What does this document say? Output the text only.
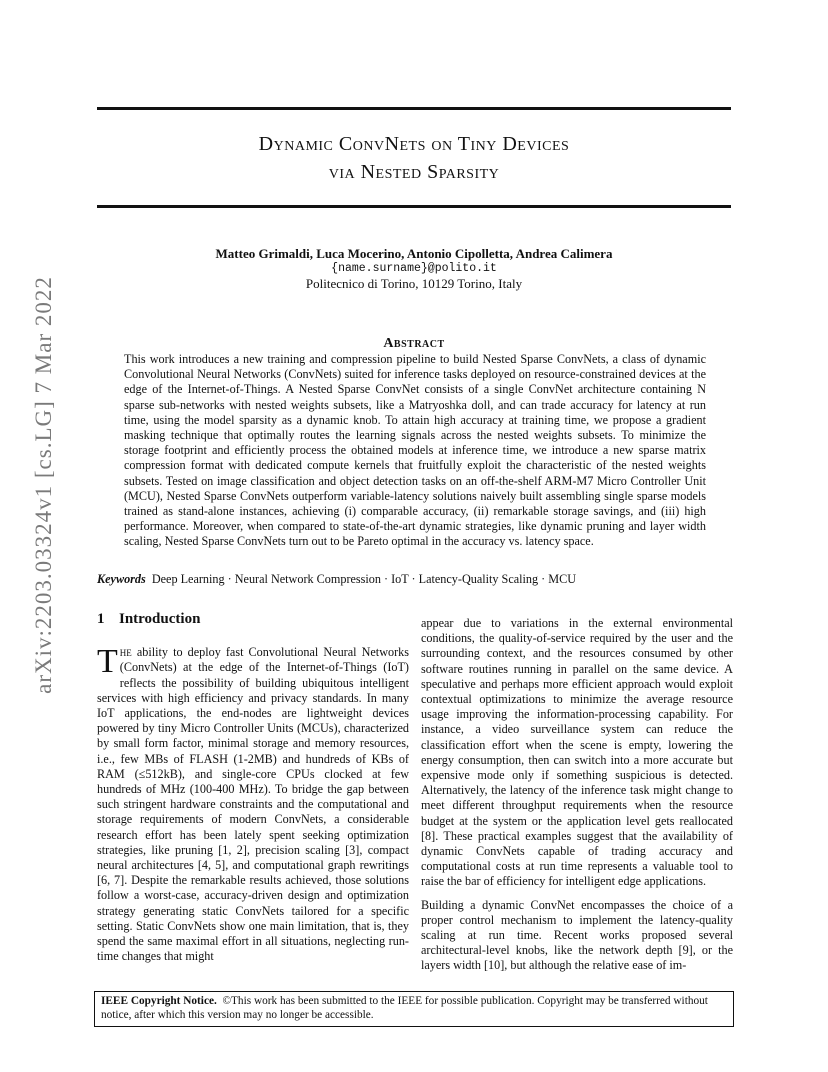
arXiv:2203.03324v1 [cs.LG] 7 Mar 2022
Dynamic ConvNets on Tiny Devices
via Nested Sparsity
Matteo Grimaldi, Luca Mocerino, Antonio Cipolletta, Andrea Calimera
{name.surname}@polito.it
Politecnico di Torino, 10129 Torino, Italy
Abstract

This work introduces a new training and compression pipeline to build Nested Sparse ConvNets, a class of dynamic Convolutional Neural Networks (ConvNets) suited for inference tasks deployed on resource-constrained devices at the edge of the Internet-of-Things. A Nested Sparse ConvNet consists of a single ConvNet architecture containing N sparse sub-networks with nested weights subsets, like a Matryoshka doll, and can trade accuracy for latency at run time, using the model sparsity as a dynamic knob. To attain high accuracy at training time, we propose a gradient masking technique that optimally routes the learning signals across the nested weights subsets. To minimize the storage footprint and efficiently process the obtained models at inference time, we introduce a new sparse matrix compression format with dedicated compute kernels that fruitfully exploit the characteristic of the nested weights subsets. Tested on image classification and object detection tasks on an off-the-shelf ARM-M7 Micro Controller Unit (MCU), Nested Sparse ConvNets outperform variable-latency solutions naively built assembling single sparse models trained as stand-alone instances, achieving (i) comparable accuracy, (ii) remarkable storage savings, and (iii) high performance. Moreover, when compared to state-of-the-art dynamic strategies, like dynamic pruning and layer width scaling, Nested Sparse ConvNets turn out to be Pareto optimal in the accuracy vs. latency space.

Keywords Deep Learning · Neural Network Compression · IoT · Latency-Quality Scaling · MCU
1 Introduction

The ability to deploy fast Convolutional Neural Networks (ConvNets) at the edge of the Internet-of-Things (IoT) reflects the possibility of building ubiquitous intelligent services with high efficiency and privacy standards. In many IoT applications, the end-nodes are lightweight devices powered by tiny Micro Controller Units (MCUs), characterized by small form factor, minimal storage and memory resources, i.e., few MBs of FLASH (1-2MB) and hundreds of KBs of RAM (≤512kB), and single-core CPUs clocked at few hundreds of MHz (100-400 MHz). To bridge the gap between such stringent hardware constraints and the computational and storage requirements of modern ConvNets, a considerable research effort has been lately spent seeking optimization strategies, like pruning [1, 2], precision scaling [3], compact neural architectures [4, 5], and computational graph rewritings [6, 7]. Despite the remarkable results achieved, those solutions follow a worst-case, accuracy-driven design and optimization strategy generating static ConvNets tailored for a specific setting. Static ConvNets show one main limitation, that is, they spend the same maximal effort in all situations, neglecting run-time changes that might

appear due to variations in the external environmental conditions, the quality-of-service required by the user and the surrounding context, and the resources consumed by other software routines running in parallel on the same device. A speculative and perhaps more efficient approach would exploit contextual optimizations to minimize the average resource usage improving the information-processing capability. For instance, a video surveillance system can reduce the classification effort when the scene is empty, lowering the energy consumption, then can switch into a more accurate but expensive mode only if something suspicious is detected. Alternatively, the latency of the inference task might change to meet different throughput requirements when the resource budget at the system or the application level gets reallocated [8]. These practical examples suggest that the availability of dynamic ConvNets capable of trading accuracy and computational costs at run time represents a valuable tool to raise the bar of efficiency for intelligent edge applications.

Building a dynamic ConvNet encompasses the choice of a proper control mechanism to implement the latency-quality scaling at run time. Recent works proposed several architectural-level knobs, like the network depth [9], or the layers width [10], but although the relative ease of im-

IEEE Copyright Notice. ©This work has been submitted to the IEEE for possible publication. Copyright may be transferred without notice, after which this version may no longer be accessible.
